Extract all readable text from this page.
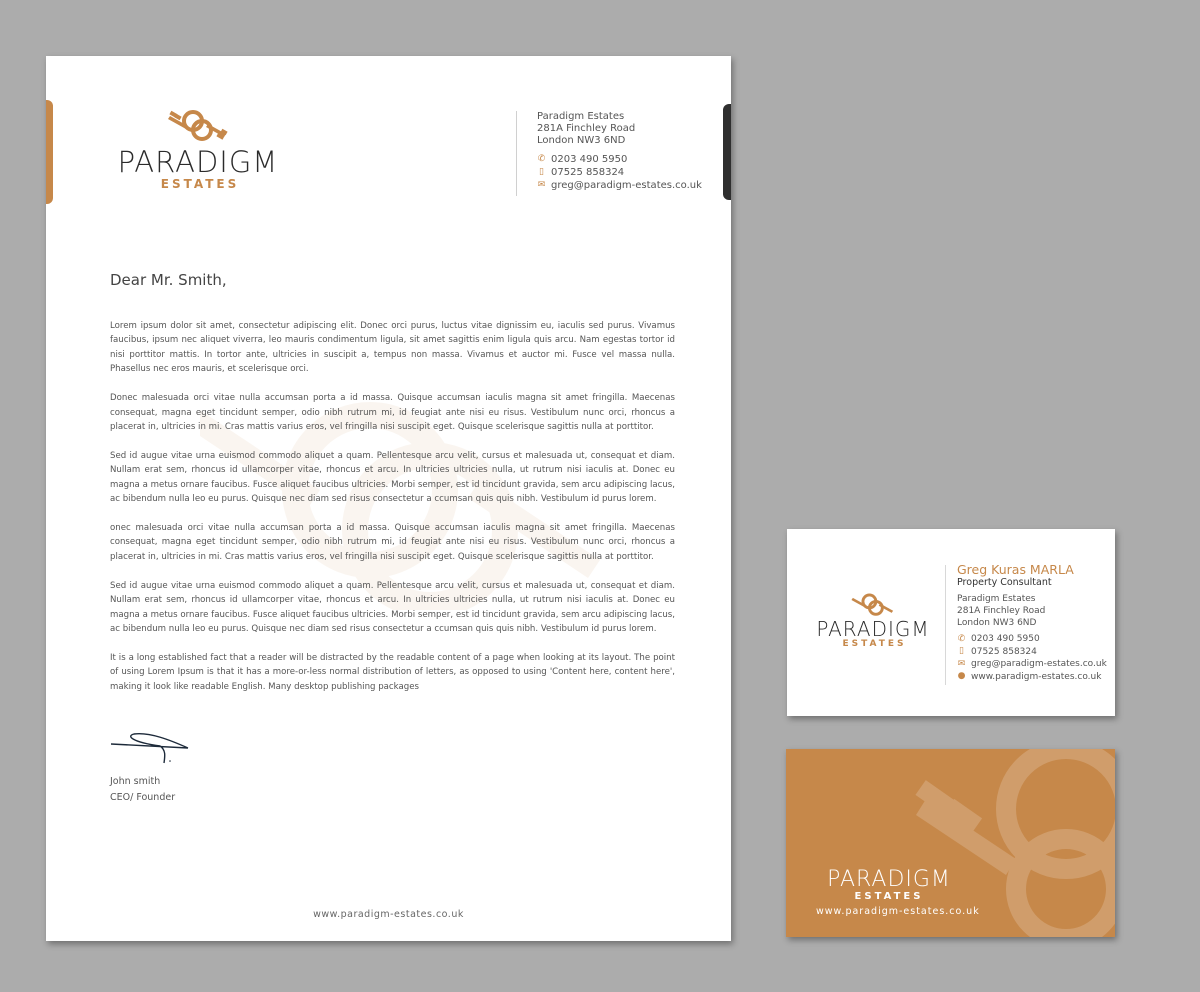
PARADIGM
ESTATES
Paradigm Estates
281A Finchley Road
London NW3 6ND
✆ 0203 490 5950
▯ 07525 858324
✉ greg@paradigm-estates.co.uk
Dear Mr. Smith,

Lorem ipsum dolor sit amet, consectetur adipiscing elit. Donec orci purus, luctus vitae dignissim eu, iaculis sed purus. Vivamus faucibus, ipsum nec aliquet viverra, leo mauris condimentum ligula, sit amet sagittis enim ligula quis arcu. Nam egestas tortor id nisi porttitor mattis. In tortor ante, ultricies in suscipit a, tempus non massa. Vivamus et auctor mi. Fusce vel massa nulla. Phasellus nec eros mauris, et scelerisque orci.

Donec malesuada orci vitae nulla accumsan porta a id massa. Quisque accumsan iaculis magna sit amet fringilla. Maecenas consequat, magna eget tincidunt semper, odio nibh rutrum mi, id feugiat ante nisi eu risus. Vestibulum nunc orci, rhoncus a placerat in, ultricies in mi. Cras mattis varius eros, vel fringilla nisi suscipit eget. Quisque scelerisque sagittis nulla at porttitor.

Sed id augue vitae urna euismod commodo aliquet a quam. Pellentesque arcu velit, cursus et malesuada ut, consequat et diam. Nullam erat sem, rhoncus id ullamcorper vitae, rhoncus et arcu. In ultricies ultricies nulla, ut rutrum nisi iaculis at. Donec eu magna a metus ornare faucibus. Fusce aliquet faucibus ultricies. Morbi semper, est id tincidunt gravida, sem arcu adipiscing lacus, ac bibendum nulla leo eu purus. Quisque nec diam sed risus consectetur a ccumsan quis quis nibh. Vestibulum id purus lorem.

onec malesuada orci vitae nulla accumsan porta a id massa. Quisque accumsan iaculis magna sit amet fringilla. Maecenas consequat, magna eget tincidunt semper, odio nibh rutrum mi, id feugiat ante nisi eu risus. Vestibulum nunc orci, rhoncus a placerat in, ultricies in mi. Cras mattis varius eros, vel fringilla nisi suscipit eget. Quisque scelerisque sagittis nulla at porttitor.

Sed id augue vitae urna euismod commodo aliquet a quam. Pellentesque arcu velit, cursus et malesuada ut, consequat et diam. Nullam erat sem, rhoncus id ullamcorper vitae, rhoncus et arcu. In ultricies ultricies nulla, ut rutrum nisi iaculis at. Donec eu magna a metus ornare faucibus. Fusce aliquet faucibus ultricies. Morbi semper, est id tincidunt gravida, sem arcu adipiscing lacus, ac bibendum nulla leo eu purus. Quisque nec diam sed risus consectetur a ccumsan quis quis nibh. Vestibulum id purus lorem.

It is a long established fact that a reader will be distracted by the readable content of a page when looking at its layout. The point of using Lorem Ipsum is that it has a more-or-less normal distribution of letters, as opposed to using 'Content here, content here', making it look like readable English. Many desktop publishing packages

John smith
CEO/ Founder
www.paradigm-estates.co.uk
PARADIGM
ESTATES
Greg Kuras MARLA
Property Consultant
Paradigm Estates
281A Finchley Road
London NW3 6ND
✆ 0203 490 5950
▯ 07525 858324
✉ greg@paradigm-estates.co.uk
● www.paradigm-estates.co.uk
PARADIGM
ESTATES
www.paradigm-estates.co.uk
